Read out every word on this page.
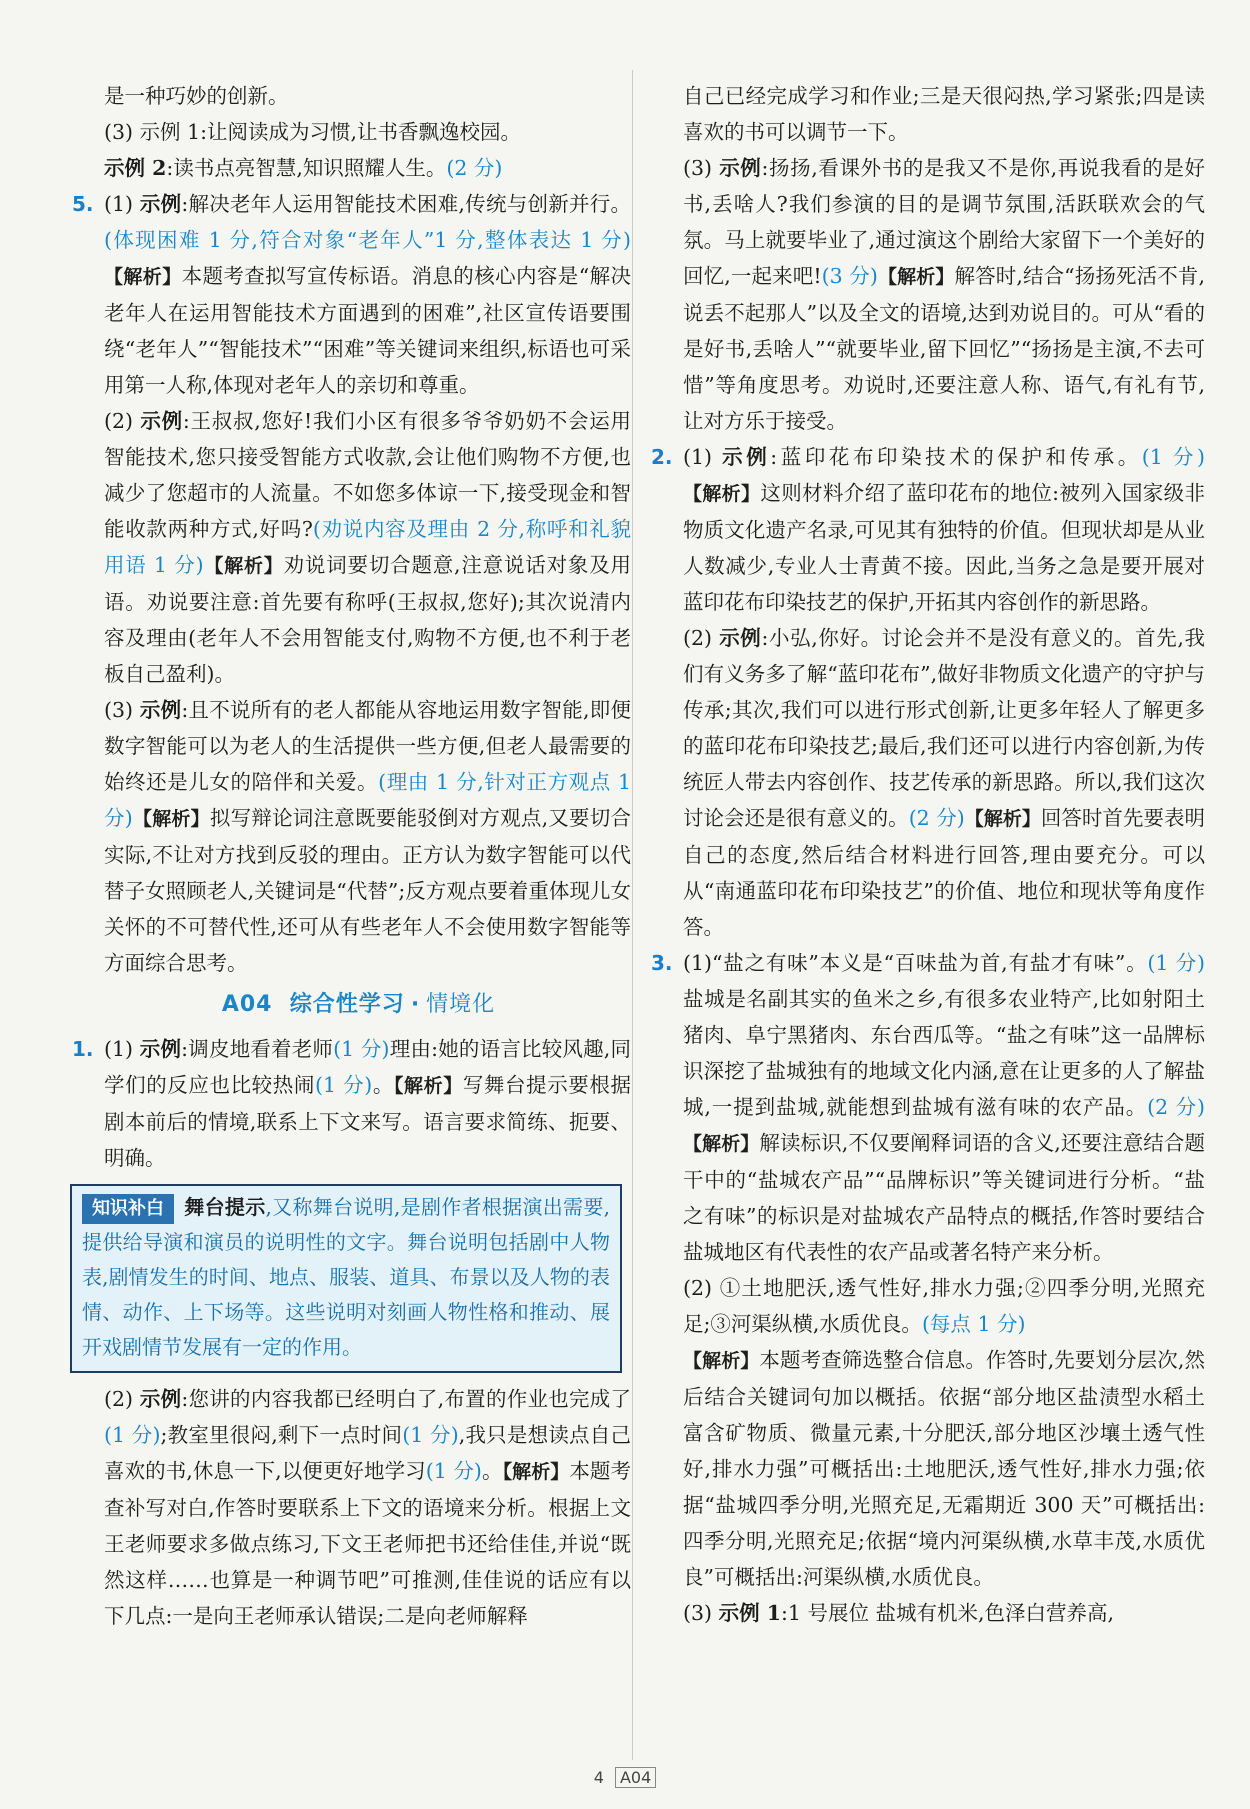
是一种巧妙的创新。

(3) 示例 1:让阅读成为习惯,让书香飘逸校园。

示例 2:读书点亮智慧,知识照耀人生。(2 分)

5. (1) 示例:解决老年人运用智能技术困难,传统与创新并行。(体现困难 1 分,符合对象“老年人”1 分,整体表达 1 分)【解析】本题考查拟写宣传标语。消息的核心内容是“解决老年人在运用智能技术方面遇到的困难”,社区宣传语要围绕“老年人”“智能技术”“困难”等关键词来组织,标语也可采用第一人称,体现对老年人的亲切和尊重。

(2) 示例:王叔叔,您好!我们小区有很多爷爷奶奶不会运用智能技术,您只接受智能方式收款,会让他们购物不方便,也减少了您超市的人流量。不如您多体谅一下,接受现金和智能收款两种方式,好吗?(劝说内容及理由 2 分,称呼和礼貌用语 1 分)【解析】劝说词要切合题意,注意说话对象及用语。劝说要注意:首先要有称呼(王叔叔,您好);其次说清内容及理由(老年人不会用智能支付,购物不方便,也不利于老板自己盈利)。

(3) 示例:且不说所有的老人都能从容地运用数字智能,即便数字智能可以为老人的生活提供一些方便,但老人最需要的始终还是儿女的陪伴和关爱。(理由 1 分,针对正方观点 1 分)【解析】拟写辩论词注意既要能驳倒对方观点,又要切合实际,不让对方找到反驳的理由。正方认为数字智能可以代替子女照顾老人,关键词是“代替”;反方观点要着重体现儿女关怀的不可替代性,还可从有些老年人不会使用数字智能等方面综合思考。

A04 综合性学习 · 情境化

1. (1) 示例:调皮地看着老师(1 分)理由:她的语言比较风趣,同学们的反应也比较热闹(1 分)。【解析】写舞台提示要根据剧本前后的情境,联系上下文来写。语言要求简练、扼要、明确。

知识补白 舞台提示,又称舞台说明,是剧作者根据演出需要,提供给导演和演员的说明性的文字。舞台说明包括剧中人物表,剧情发生的时间、地点、服装、道具、布景以及人物的表情、动作、上下场等。这些说明对刻画人物性格和推动、展开戏剧情节发展有一定的作用。

(2) 示例:您讲的内容我都已经明白了,布置的作业也完成了(1 分);教室里很闷,剩下一点时间(1 分),我只是想读点自己喜欢的书,休息一下,以便更好地学习(1 分)。【解析】本题考查补写对白,作答时要联系上下文的语境来分析。根据上文王老师要求多做点练习,下文王老师把书还给佳佳,并说“既然这样……也算是一种调节吧”可推测,佳佳说的话应有以下几点:一是向王老师承认错误;二是向老师解释

自己已经完成学习和作业;三是天很闷热,学习紧张;四是读喜欢的书可以调节一下。

(3) 示例:扬扬,看课外书的是我又不是你,再说我看的是好书,丢啥人?我们参演的目的是调节氛围,活跃联欢会的气氛。马上就要毕业了,通过演这个剧给大家留下一个美好的回忆,一起来吧!(3 分)【解析】解答时,结合“扬扬死活不肯,说丢不起那人”以及全文的语境,达到劝说目的。可从“看的是好书,丢啥人”“就要毕业,留下回忆”“扬扬是主演,不去可惜”等角度思考。劝说时,还要注意人称、语气,有礼有节,让对方乐于接受。

2. (1) 示例:蓝印花布印染技术的保护和传承。(1 分)【解析】这则材料介绍了蓝印花布的地位:被列入国家级非物质文化遗产名录,可见其有独特的价值。但现状却是从业人数减少,专业人士青黄不接。因此,当务之急是要开展对蓝印花布印染技艺的保护,开拓其内容创作的新思路。

(2) 示例:小弘,你好。讨论会并不是没有意义的。首先,我们有义务多了解“蓝印花布”,做好非物质文化遗产的守护与传承;其次,我们可以进行形式创新,让更多年轻人了解更多的蓝印花布印染技艺;最后,我们还可以进行内容创新,为传统匠人带去内容创作、技艺传承的新思路。所以,我们这次讨论会还是很有意义的。(2 分)【解析】回答时首先要表明自己的态度,然后结合材料进行回答,理由要充分。可以从“南通蓝印花布印染技艺”的价值、地位和现状等角度作答。

3. (1)“盐之有味”本义是“百味盐为首,有盐才有味”。(1 分)盐城是名副其实的鱼米之乡,有很多农业特产,比如射阳土猪肉、阜宁黑猪肉、东台西瓜等。“盐之有味”这一品牌标识深挖了盐城独有的地域文化内涵,意在让更多的人了解盐城,一提到盐城,就能想到盐城有滋有味的农产品。(2 分)【解析】解读标识,不仅要阐释词语的含义,还要注意结合题干中的“盐城农产品”“品牌标识”等关键词进行分析。“盐之有味”的标识是对盐城农产品特点的概括,作答时要结合盐城地区有代表性的农产品或著名特产来分析。

(2) ①土地肥沃,透气性好,排水力强;②四季分明,光照充足;③河渠纵横,水质优良。(每点 1 分)

【解析】本题考查筛选整合信息。作答时,先要划分层次,然后结合关键词句加以概括。依据“部分地区盐渍型水稻土富含矿物质、微量元素,十分肥沃,部分地区沙壤土透气性好,排水力强”可概括出:土地肥沃,透气性好,排水力强;依据“盐城四季分明,光照充足,无霜期近 300 天”可概括出:四季分明,光照充足;依据“境内河渠纵横,水草丰茂,水质优良”可概括出:河渠纵横,水质优良。

(3) 示例 1:1 号展位 盐城有机米,色泽白营养高,

4 A04
